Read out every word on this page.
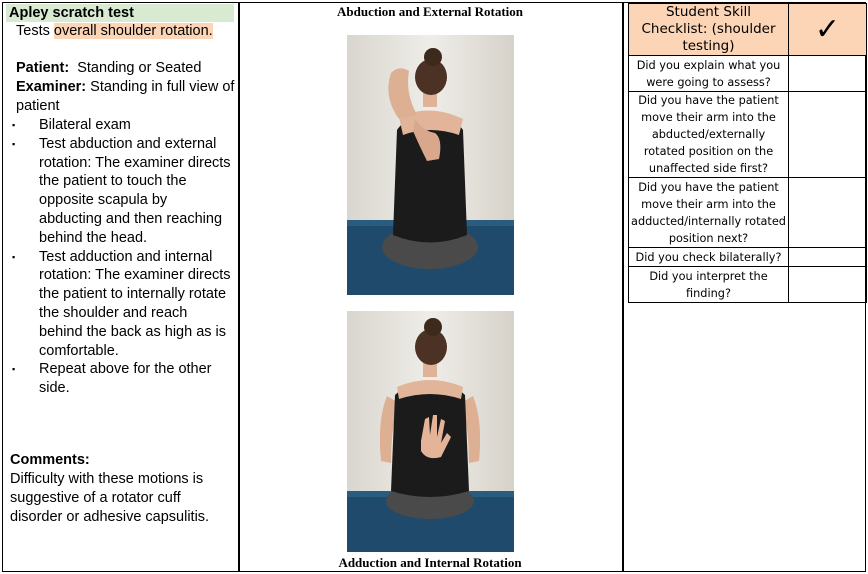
Apley scratch test
Tests overall shoulder rotation.
Patient: Standing or Seated
Examiner: Standing in full view of patient
▪ Bilateral exam
▪ Test abduction and external rotation: The examiner directs the patient to touch the opposite scapula by abducting and then reaching behind the head.
▪ Test adduction and internal rotation: The examiner directs the patient to internally rotate the shoulder and reach behind the back as high as is comfortable.
▪ Repeat above for the other side.
Comments:
Difficulty with these motions is suggestive of a rotator cuff disorder or adhesive capsulitis.
Abduction and External Rotation
Adduction and Internal Rotation
Student Skill Checklist: (shoulder testing)	✓
Did you explain what you were going to assess?	
Did you have the patient move their arm into the abducted/externally rotated position on the unaffected side first?	
Did you have the patient move their arm into the adducted/internally rotated position next?	
Did you check bilaterally?	
Did you interpret the finding?	
